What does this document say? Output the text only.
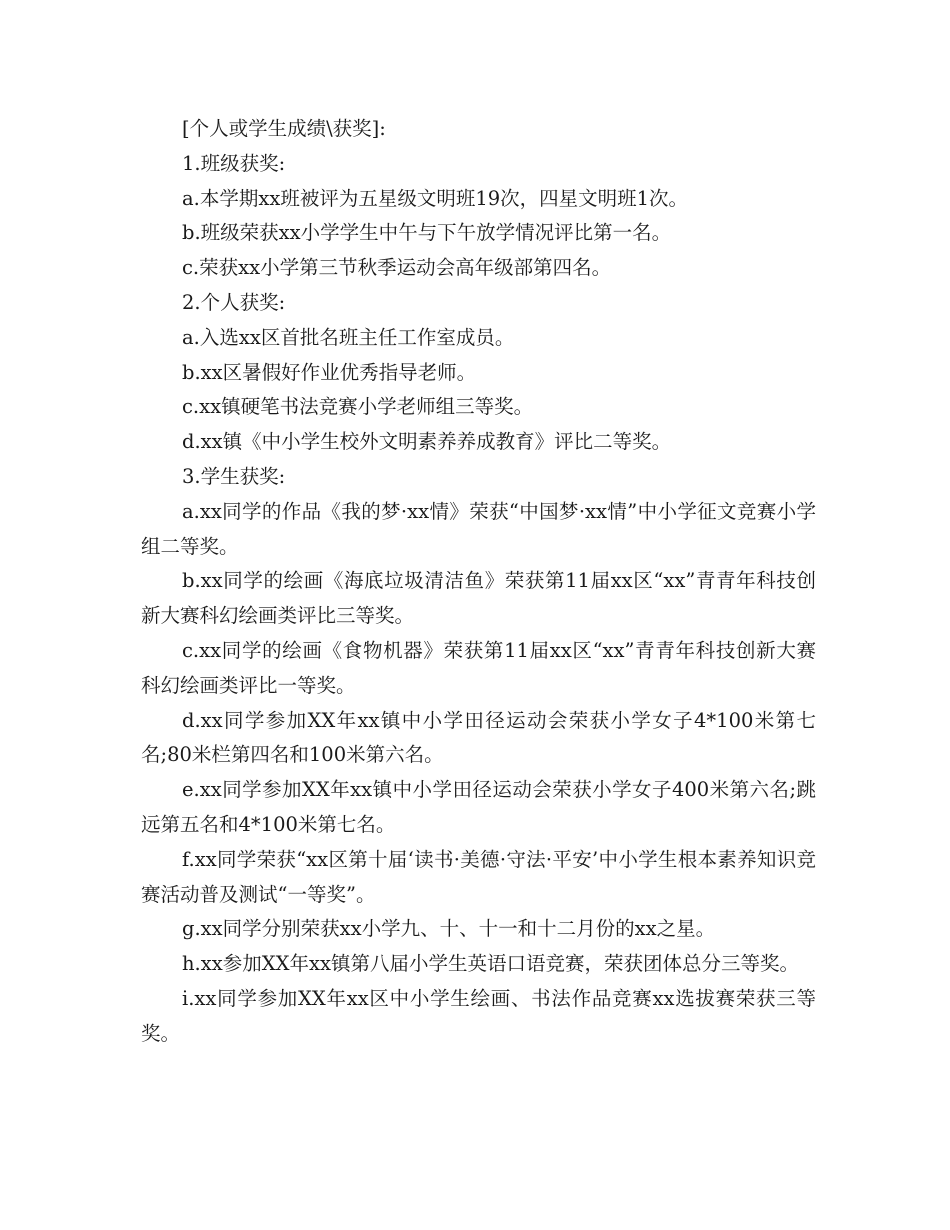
[个人或学生成绩\获奖]:

1.班级获奖:

a.本学期xx班被评为五星级文明班19次，四星文明班1次。

b.班级荣获xx小学学生中午与下午放学情况评比第一名。

c.荣获xx小学第三节秋季运动会高年级部第四名。

2.个人获奖:

a.入选xx区首批名班主任工作室成员。

b.xx区暑假好作业优秀指导老师。

c.xx镇硬笔书法竞赛小学老师组三等奖。

d.xx镇《中小学生校外文明素养养成教育》评比二等奖。

3.学生获奖:

a.xx同学的作品《我的梦·xx情》荣获“中国梦·xx情”中小学征文竞赛小学组二等奖。

b.xx同学的绘画《海底垃圾清洁鱼》荣获第11届xx区“xx”青青年科技创新大赛科幻绘画类评比三等奖。

c.xx同学的绘画《食物机器》荣获第11届xx区“xx”青青年科技创新大赛科幻绘画类评比一等奖。

d.xx同学参加XX年xx镇中小学田径运动会荣获小学女子4*100米第七名;80米栏第四名和100米第六名。

e.xx同学参加XX年xx镇中小学田径运动会荣获小学女子400米第六名;跳远第五名和4*100米第七名。

f.xx同学荣获“xx区第十届‘读书·美德·守法·平安’中小学生根本素养知识竞赛活动普及测试“一等奖”。

g.xx同学分别荣获xx小学九、十、十一和十二月份的xx之星。

h.xx参加XX年xx镇第八届小学生英语口语竞赛，荣获团体总分三等奖。

i.xx同学参加XX年xx区中小学生绘画、书法作品竞赛xx选拔赛荣获三等奖。
